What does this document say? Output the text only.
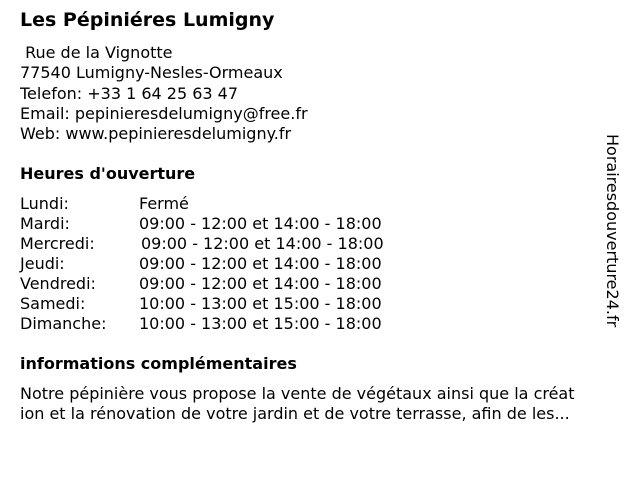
Les Pépiniéres Lumigny
Rue de la Vignotte
77540 Lumigny-Nesles-Ormeaux
Telefon: +33 1 64 25 63 47
Email: pepinieresdelumigny@free.fr
Web: www.pepinieresdelumigny.fr
Heures d'ouverture
Lundi:	Fermé
Mardi:	09:00 - 12:00 et 14:00 - 18:00
Mercredi:	09:00 - 12:00 et 14:00 - 18:00
Jeudi:	09:00 - 12:00 et 14:00 - 18:00
Vendredi:	09:00 - 12:00 et 14:00 - 18:00
Samedi:	10:00 - 13:00 et 15:00 - 18:00
Dimanche: 10:00 - 13:00 et 15:00 - 18:00
informations complémentaires
Notre pépinière vous propose la vente de végétaux ainsi que la créat
ion et la rénovation de votre jardin et de votre terrasse, afin de les...
Horairesdouverture24.fr
